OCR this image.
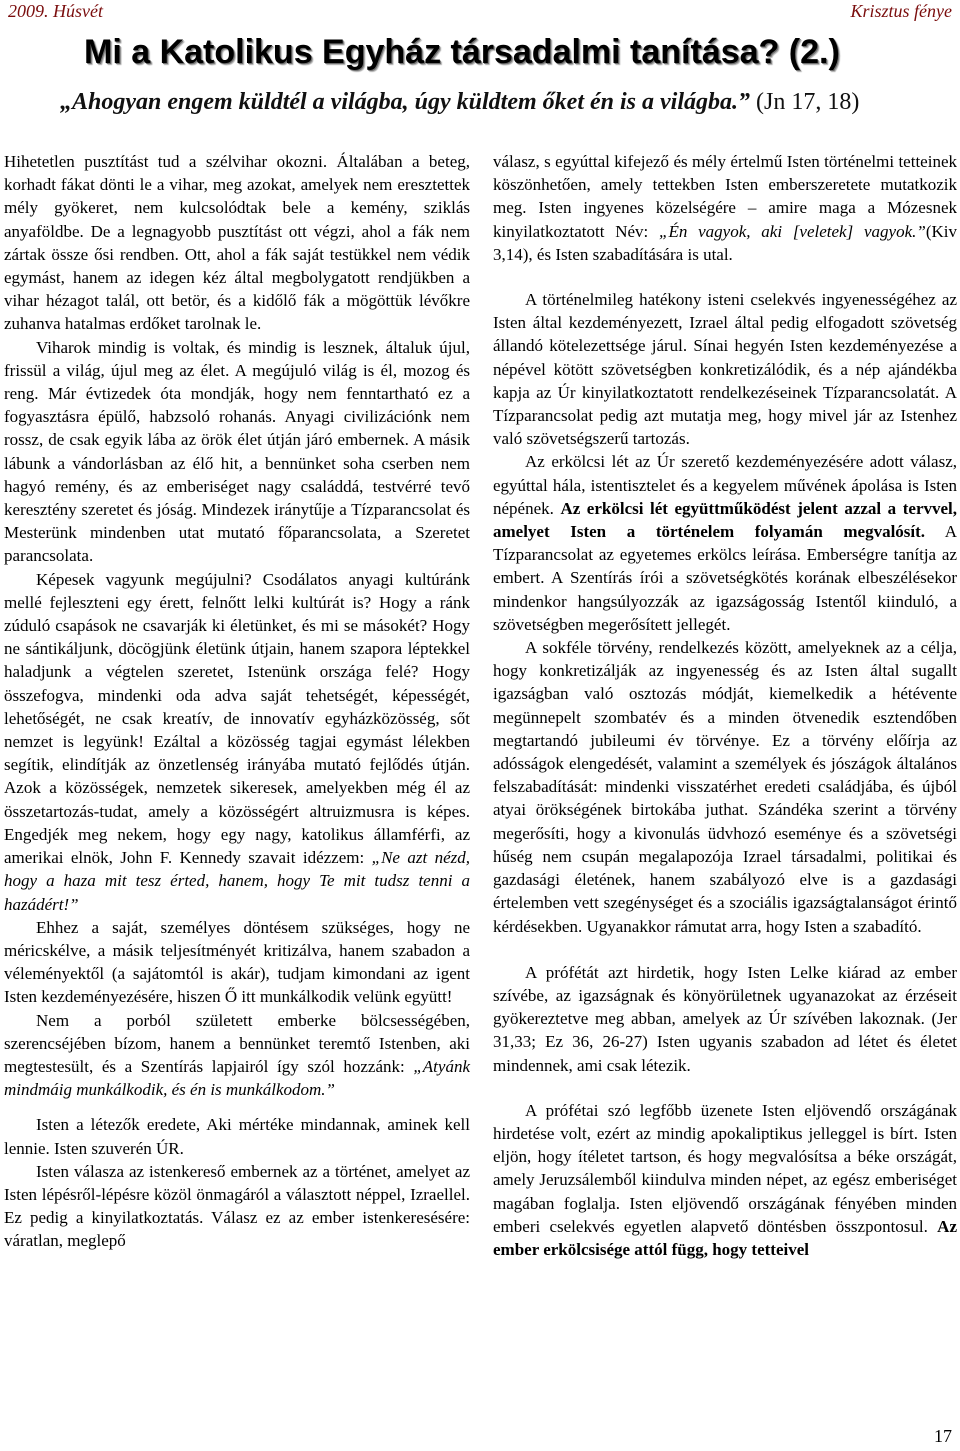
2009. Húsvét	Krisztus fénye
Mi a Katolikus Egyház társadalmi tanítása? (2.)
„Ahogyan engem küldtél a világba, úgy küldtem őket én is a világba.” (Jn 17, 18)

Hihetetlen pusztítást tud a szélvihar okozni. Általában a beteg, korhadt fákat dönti le a vihar, meg azokat, amelyek nem eresztettek mély gyökeret, nem kulcsolódtak bele a kemény, sziklás anyaföldbe. De a legnagyobb pusztítást ott végzi, ahol a fák nem zártak össze ősi rendben. Ott, ahol a fák saját testükkel nem védik egymást, hanem az idegen kéz által megbolygatott rendjükben a vihar hézagot talál, ott betör, és a kidőlő fák a mögöttük lévőkre zuhanva hatalmas erdőket tarolnak le.

Viharok mindig is voltak, és mindig is lesznek, általuk újul, frissül a világ, újul meg az élet. A megújuló világ is él, mozog és reng. Már évtizedek óta mondják, hogy nem fenntartható ez a fogyasztásra épülő, habzsoló rohanás. Anyagi civilizációnk nem rossz, de csak egyik lába az örök élet útján járó embernek. A másik lábunk a vándorlásban az élő hit, a bennünket soha cserben nem hagyó remény, és az emberiséget nagy családdá, testvérré tevő keresztény szeretet és jóság. Mindezek iránytűje a Tízparancsolat és Mesterünk mindenben utat mutató főparancsolata, a Szeretet parancsolata.

Képesek vagyunk megújulni? Csodálatos anyagi kultúránk mellé fejleszteni egy érett, felnőtt lelki kultúrát is? Hogy a ránk zúduló csapások ne csavarják ki életünket, és mi se másokét? Hogy ne sántikáljunk, döcögjünk életünk útjain, hanem szapora léptekkel haladjunk a végtelen szeretet, Istenünk országa felé? Hogy összefogva, mindenki oda adva saját tehetségét, képességét, lehetőségét, ne csak kreatív, de innovatív egyházközösség, sőt nemzet is legyünk! Ezáltal a közösség tagjai egymást lélekben segítik, elindítják az önzetlenség irányába mutató fejlődés útján. Azok a közösségek, nemzetek sikeresek, amelyekben még él az összetartozás-tudat, amely a közösségért altruizmusra is képes. Engedjék meg nekem, hogy egy nagy, katolikus államférfi, az amerikai elnök, John F. Kennedy szavait idézzem: „Ne azt nézd, hogy a haza mit tesz érted, hanem, hogy Te mit tudsz tenni a hazádért!”

Ehhez a saját, személyes döntésem szükséges, hogy ne méricskélve, a másik teljesítményét kritizálva, hanem szabadon a véleményektől (a sajátomtól is akár), tudjam kimondani az igent Isten kezdeményezésére, hiszen Ő itt munkálkodik velünk együtt!

Nem a porból született emberke bölcsességében, szerencséjében bízom, hanem a bennünket teremtő Istenben, aki megtestesült, és a Szentírás lapjairól így szól hozzánk: „Atyánk mindmáig munkálkodik, és én is munkálkodom.”

Isten a létezők eredete, Aki mértéke mindannak, aminek kell lennie. Isten szuverén ÚR.

Isten válasza az istenkereső embernek az a történet, amelyet az Isten lépésről-lépésre közöl önmagáról a választott néppel, Izraellel. Ez pedig a kinyilatkoztatás. Válasz ez az ember istenkeresésére: váratlan, meglepő

válasz, s egyúttal kifejező és mély értelmű Isten történelmi tetteinek köszönhetően, amely tettekben Isten emberszeretete mutatkozik meg. Isten ingyenes közelségére – amire maga a Mózesnek kinyilatkoztatott Név: „Én vagyok, aki [veletek] vagyok.”(Kiv 3,14), és Isten szabadítására is utal.

A történelmileg hatékony isteni cselekvés ingyenességéhez az Isten által kezdeményezett, Izrael által pedig elfogadott szövetség állandó kötelezettsége járul. Sínai hegyén Isten kezdeményezése a népével kötött szövetségben konkretizálódik, és a nép ajándékba kapja az Úr kinyilatkoztatott rendelkezéseinek Tízparancsolatát. A Tízparancsolat pedig azt mutatja meg, hogy mivel jár az Istenhez való szövetségszerű tartozás.

Az erkölcsi lét az Úr szerető kezdeményezésére adott válasz, egyúttal hála, istentisztelet és a kegyelem művének ápolása is Isten népének. Az erkölcsi lét együttműködést jelent azzal a tervvel, amelyet Isten a történelem folyamán megvalósít. A Tízparancsolat az egyetemes erkölcs leírása. Emberségre tanítja az embert. A Szentírás írói a szövetségkötés korának elbeszélésekor mindenkor hangsúlyozzák az igazságosság Istentől kiinduló, a szövetségben megerősített jellegét.

A sokféle törvény, rendelkezés között, amelyeknek az a célja, hogy konkretizálják az ingyenesség és az Isten által sugallt igazságban való osztozás módját, kiemelkedik a hétévente megünnepelt szombatév és a minden ötvenedik esztendőben megtartandó jubileumi év törvénye. Ez a törvény előírja az adósságok elengedését, valamint a személyek és jószágok általános felszabadítását: mindenki visszatérhet eredeti családjába, és újból atyai örökségének birtokába juthat. Szándéka szerint a törvény megerősíti, hogy a kivonulás üdvhozó eseménye és a szövetségi hűség nem csupán megalapozója Izrael társadalmi, politikai és gazdasági életének, hanem szabályozó elve is a gazdasági értelemben vett szegénységet és a szociális igazságtalanságot érintő kérdésekben. Ugyanakkor rámutat arra, hogy Isten a szabadító.

A prófétát azt hirdetik, hogy Isten Lelke kiárad az ember szívébe, az igazságnak és könyörületnek ugyanazokat az érzéseit gyökereztetve meg abban, amelyek az Úr szívében lakoznak. (Jer 31,33; Ez 36, 26-27) Isten ugyanis szabadon ad létet és életet mindennek, ami csak létezik.

A prófétai szó legfőbb üzenete Isten eljövendő országának hirdetése volt, ezért az mindig apokaliptikus jelleggel is bírt. Isten eljön, hogy ítéletet tartson, és hogy megvalósítsa a béke országát, amely Jeruzsálemből kiindulva minden népet, az egész emberiséget magában foglalja. Isten eljövendő országának fényében minden emberi cselekvés egyetlen alapvető döntésben összpontosul. Az ember erkölcsisége attól függ, hogy tetteivel

17
